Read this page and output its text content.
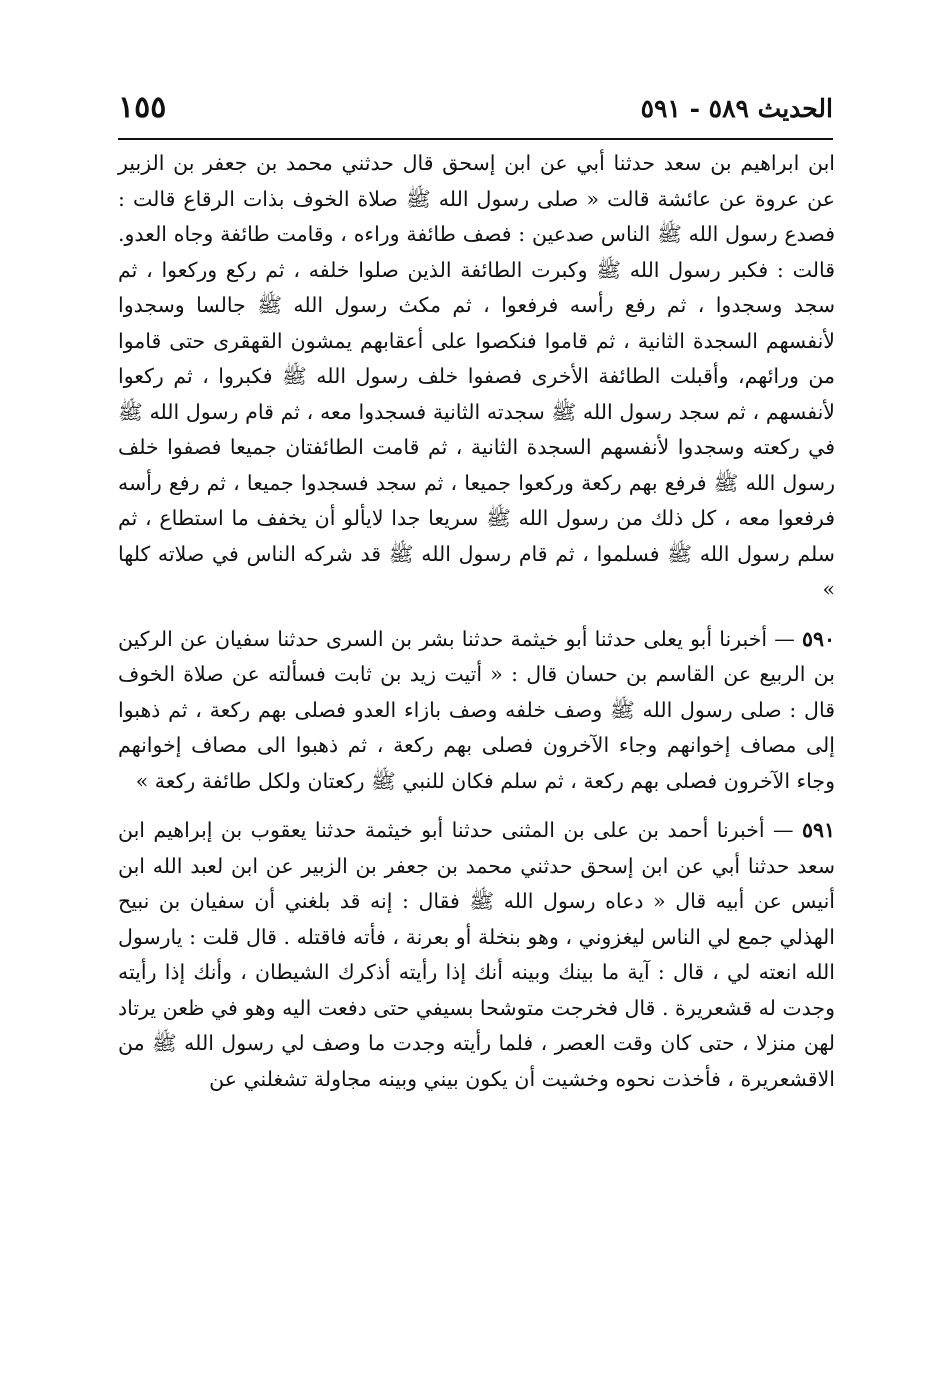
الحديث ٥٨٩ - ٥٩١
١٥٥

ابن ابراهيم بن سعد حدثنا أبي عن ابن إسحق قال حدثني محمد بن جعفر بن الزبير عن عروة عن عائشة قالت « صلى رسول الله ﷺ صلاة الخوف بذات الرقاع قالت : فصدع رسول الله ﷺ الناس صدعين : فصف طائفة وراءه ، وقامت طائفة وجاه العدو. قالت : فكبر رسول الله ﷺ وكبرت الطائفة الذين صلوا خلفه ، ثم ركع وركعوا ، ثم سجد وسجدوا ، ثم رفع رأسه فرفعوا ، ثم مكث رسول الله ﷺ جالسا وسجدوا لأنفسهم السجدة الثانية ، ثم قاموا فنكصوا على أعقابهم يمشون القهقرى حتى قاموا من ورائهم، وأقبلت الطائفة الأخرى فصفوا خلف رسول الله ﷺ فكبروا ، ثم ركعوا لأنفسهم ، ثم سجد رسول الله ﷺ سجدته الثانية فسجدوا معه ، ثم قام رسول الله ﷺ في ركعته وسجدوا لأنفسهم السجدة الثانية ، ثم قامت الطائفتان جميعا فصفوا خلف رسول الله ﷺ فرفع بهم ركعة وركعوا جميعا ، ثم سجد فسجدوا جميعا ، ثم رفع رأسه فرفعوا معه ، كل ذلك من رسول الله ﷺ سريعا جدا لايألو أن يخفف ما استطاع ، ثم سلم رسول الله ﷺ فسلموا ، ثم قام رسول الله ﷺ قد شركه الناس في صلاته كلها »

٥٩٠ — أخبرنا أبو يعلى حدثنا أبو خيثمة حدثنا بشر بن السرى حدثنا سفيان عن الركين بن الربيع عن القاسم بن حسان قال : « أتيت زيد بن ثابت فسألته عن صلاة الخوف قال : صلى رسول الله ﷺ وصف خلفه وصف بازاء العدو فصلى بهم ركعة ، ثم ذهبوا إلى مصاف إخوانهم وجاء الآخرون فصلى بهم ركعة ، ثم ذهبوا الى مصاف إخوانهم وجاء الآخرون فصلى بهم ركعة ، ثم سلم فكان للنبي ﷺ ركعتان ولكل طائفة ركعة »

٥٩١ — أخبرنا أحمد بن على بن المثنى حدثنا أبو خيثمة حدثنا يعقوب بن إبراهيم ابن سعد حدثنا أبي عن ابن إسحق حدثني محمد بن جعفر بن الزبير عن ابن لعبد الله ابن أنيس عن أبيه قال « دعاه رسول الله ﷺ فقال : إنه قد بلغني أن سفيان بن نبيح الهذلي جمع لي الناس ليغزوني ، وهو بنخلة أو بعرنة ، فأته فاقتله . قال قلت : يارسول الله انعته لي ، قال : آية ما بينك وبينه أنك إذا رأيته أذكرك الشيطان ، وأنك إذا رأيته وجدت له قشعريرة . قال فخرجت متوشحا بسيفي حتى دفعت اليه وهو في ظعن يرتاد لهن منزلا ، حتى كان وقت العصر ، فلما رأيته وجدت ما وصف لي رسول الله ﷺ من الاقشعريرة ، فأخذت نحوه وخشيت أن يكون بيني وبينه مجاولة تشغلني عن
